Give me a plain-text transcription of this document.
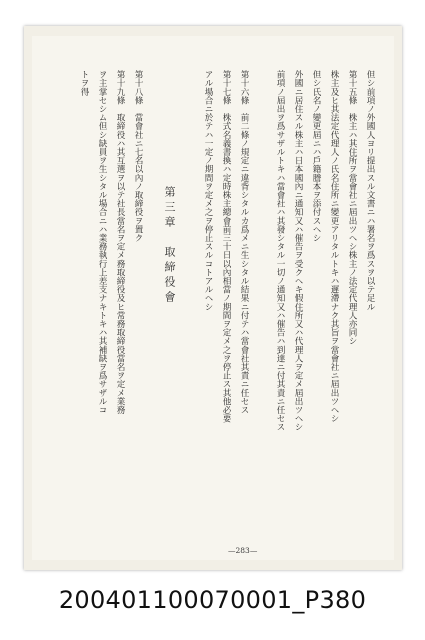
但シ前項ノ外國人ヨリ提出スル文書ニハ署名ヲ爲スヲ以テ足ル
第十五條　株主ハ其住所ヲ當會社ニ屆出ツヘシ株主ノ法定代理人亦同シ
株主及ヒ其法定代理人ノ氏名住所ニ變更アリタルトキハ遲滯ナク其旨ヲ當會社ニ屆出ツヘシ
但シ氏名ノ變更屆ニハ戶籍謄本ヲ添付スヘシ
外國ニ居住スル株主ハ日本國內ニ通知又ハ催告ヲ受クヘキ假住所又ハ代理人ヲ定メ屆出ツヘシ
前項ノ屆出ヲ爲サザルトキハ當會社ハ其發シタル一切ノ通知又ハ催告ハ到達ニ付其責ニ任セス
第十六條　前二條ノ規定ニ違背シタルカ爲メニ生シタル結果ニ付テハ當會社其責ニ任セス
第十七條　株式名義書換ハ定時株主總會前三十日以內相當ノ期間ヲ定メ之ヲ停止ス其他必要
アル場合ニ於テハ一定ノ期間ヲ定メ之ヲ停止スルコトアルヘシ
第三章　取締役會
第十八條　當會社ニ七名以內ノ取締役ヲ置ク
第十九條　取締役ハ其互選ヲ以テ社長當名ヲ定メ務取締役及ヒ常務取締役當名ヲ定メ業務
ヲ主掌セシム但シ缺員ヲ生シタル場合ニハ業務執行上差支ナキトキハ其補缺ヲ爲サザルコ
トヲ得
—283—
200401100070001_P380
